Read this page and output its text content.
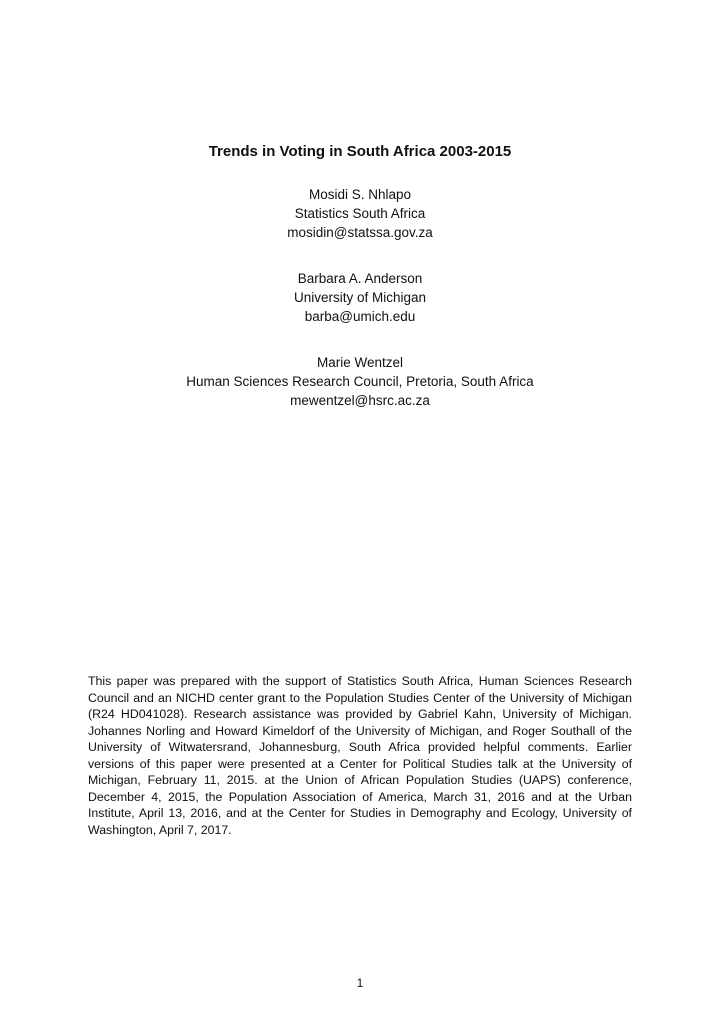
Trends in Voting in South Africa 2003-2015
Mosidi S. Nhlapo
Statistics South Africa
mosidin@statssa.gov.za
Barbara A. Anderson
University of Michigan
barba@umich.edu
Marie Wentzel
Human Sciences Research Council, Pretoria, South Africa
mewentzel@hsrc.ac.za

This paper was prepared with the support of Statistics South Africa, Human Sciences Research Council and an NICHD center grant to the Population Studies Center of the University of Michigan (R24 HD041028). Research assistance was provided by Gabriel Kahn, University of Michigan. Johannes Norling and Howard Kimeldorf of the University of Michigan, and Roger Southall of the University of Witwatersrand, Johannesburg, South Africa provided helpful comments. Earlier versions of this paper were presented at a Center for Political Studies talk at the University of Michigan, February 11, 2015. at the Union of African Population Studies (UAPS) conference, December 4, 2015, the Population Association of America, March 31, 2016 and at the Urban Institute, April 13, 2016, and at the Center for Studies in Demography and Ecology, University of Washington, April 7, 2017.

1
